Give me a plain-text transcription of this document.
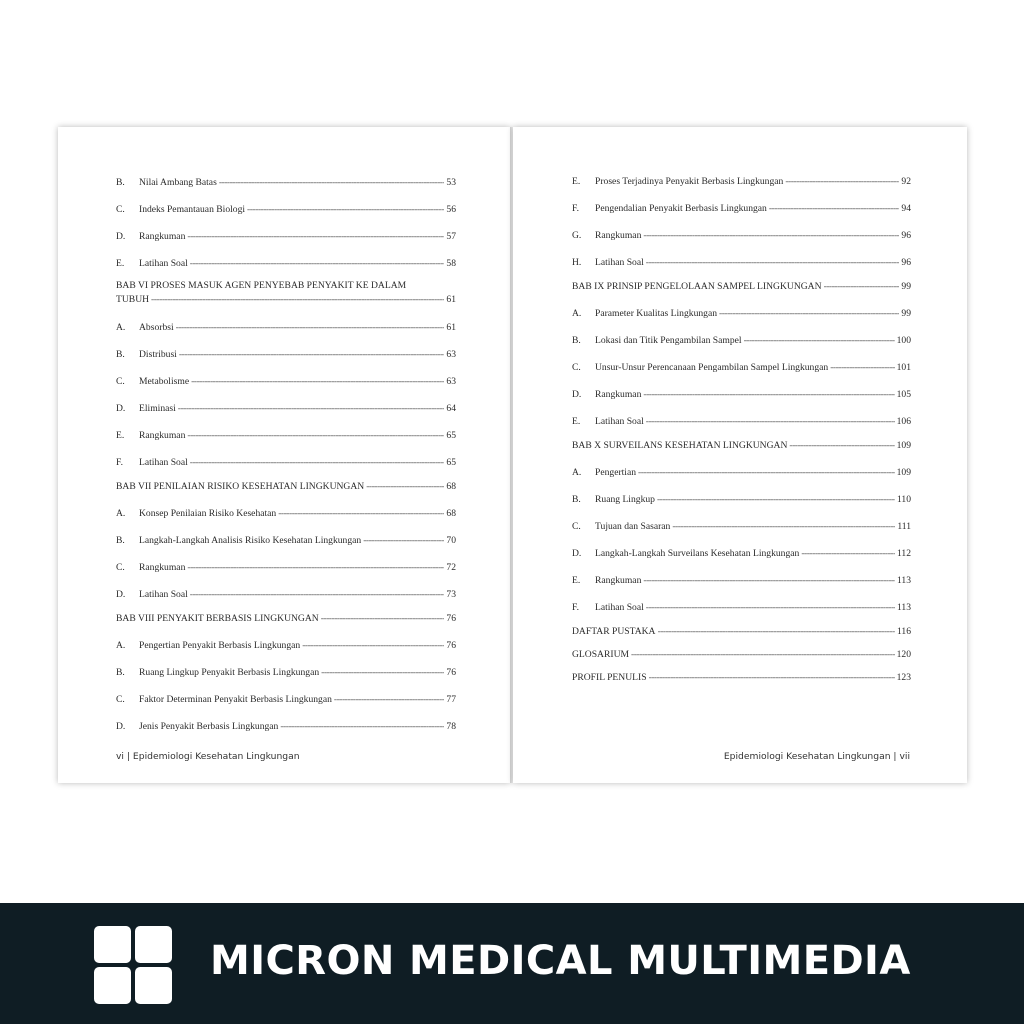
B.	Nilai Ambang Batas -----	53
C.	Indeks Pemantauan Biologi -----	56
D.	Rangkuman -----	57
E.	Latihan Soal -----	58
BAB VI PROSES MASUK AGEN PENYEBAB PENYAKIT KE DALAM
TUBUH -----	61
A.	Absorbsi -----	61
B.	Distribusi -----	63
C.	Metabolisme -----	63
D.	Eliminasi -----	64
E.	Rangkuman -----	65
F.	Latihan Soal -----	65
BAB VII PENILAIAN RISIKO KESEHATAN LINGKUNGAN -----	68
A.	Konsep Penilaian Risiko Kesehatan -----	68
B.	Langkah-Langkah Analisis Risiko Kesehatan Lingkungan -----	70
C.	Rangkuman -----	72
D.	Latihan Soal -----	73
BAB VIII PENYAKIT BERBASIS LINGKUNGAN -----	76
A.	Pengertian Penyakit Berbasis Lingkungan -----	76
B.	Ruang Lingkup Penyakit Berbasis Lingkungan -----	76
C.	Faktor Determinan Penyakit Berbasis Lingkungan -----	77
D.	Jenis Penyakit Berbasis Lingkungan -----	78
vi | Epidemiologi Kesehatan Lingkungan
E.	Proses Terjadinya Penyakit Berbasis Lingkungan -----	92
F.	Pengendalian Penyakit Berbasis Lingkungan -----	94
G.	Rangkuman -----	96
H.	Latihan Soal -----	96
BAB IX PRINSIP PENGELOLAAN SAMPEL LINGKUNGAN -----	99
A.	Parameter Kualitas Lingkungan -----	99
B.	Lokasi dan Titik Pengambilan Sampel -----	100
C.	Unsur-Unsur Perencanaan Pengambilan Sampel Lingkungan -----	101
D.	Rangkuman -----	105
E.	Latihan Soal -----	106
BAB X SURVEILANS KESEHATAN LINGKUNGAN -----	109
A.	Pengertian -----	109
B.	Ruang Lingkup -----	110
C.	Tujuan dan Sasaran -----	111
D.	Langkah-Langkah Surveilans Kesehatan Lingkungan -----	112
E.	Rangkuman -----	113
F.	Latihan Soal -----	113
DAFTAR PUSTAKA -----	116
GLOSARIUM -----	120
PROFIL PENULIS -----	123
Epidemiologi Kesehatan Lingkungan | vii
MICRON MEDICAL MULTIMEDIA
